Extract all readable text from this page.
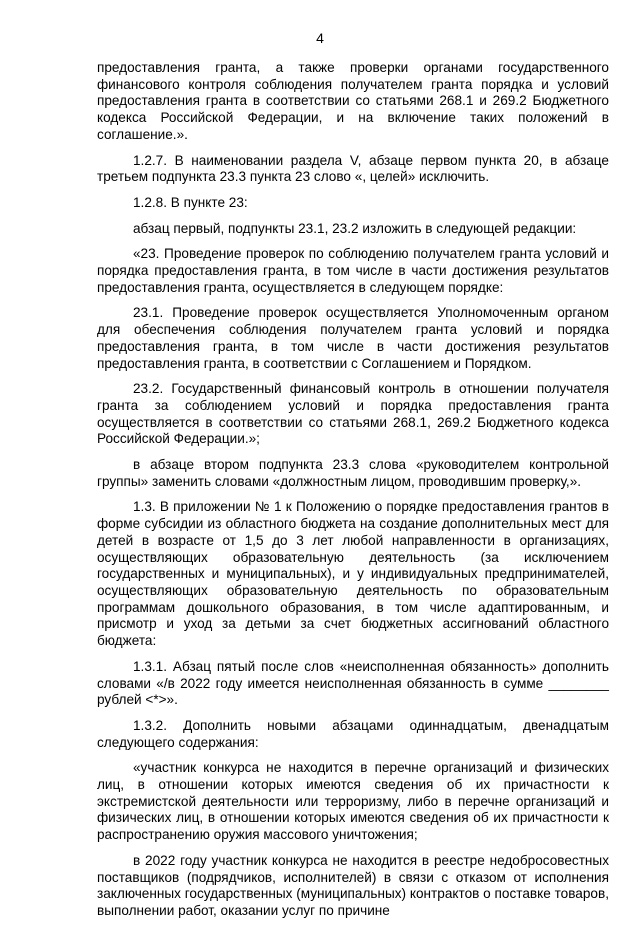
4

предоставления гранта, а также проверки органами государственного финансового контроля соблюдения получателем гранта порядка и условий предоставления гранта в соответствии со статьями 268.1 и 269.2 Бюджетного кодекса Российской Федерации, и на включение таких положений в соглашение.».

1.2.7. В наименовании раздела V, абзаце первом пункта 20, в абзаце третьем подпункта 23.3 пункта 23 слово «, целей» исключить.

1.2.8. В пункте 23:

абзац первый, подпункты 23.1, 23.2 изложить в следующей редакции:

«23. Проведение проверок по соблюдению получателем гранта условий и порядка предоставления гранта, в том числе в части достижения результатов предоставления гранта, осуществляется в следующем порядке:

23.1. Проведение проверок осуществляется Уполномоченным органом для обеспечения соблюдения получателем гранта условий и порядка предоставления гранта, в том числе в части достижения результатов предоставления гранта, в соответствии с Соглашением и Порядком.

23.2. Государственный финансовый контроль в отношении получателя гранта за соблюдением условий и порядка предоставления гранта осуществляется в соответствии со статьями 268.1, 269.2 Бюджетного кодекса Российской Федерации.»;

в абзаце втором подпункта 23.3 слова «руководителем контрольной группы» заменить словами «должностным лицом, проводившим проверку,».

1.3. В приложении № 1 к Положению о порядке предоставления грантов в форме субсидии из областного бюджета на создание дополнительных мест для детей в возрасте от 1,5 до 3 лет любой направленности в организациях, осуществляющих образовательную деятельность (за исключением государственных и муниципальных), и у индивидуальных предпринимателей, осуществляющих образовательную деятельность по образовательным программам дошкольного образования, в том числе адаптированным, и присмотр и уход за детьми за счет бюджетных ассигнований областного бюджета:

1.3.1. Абзац пятый после слов «неисполненная обязанность» дополнить словами «/в 2022 году имеется неисполненная обязанность в сумме ________ рублей <*>».

1.3.2. Дополнить новыми абзацами одиннадцатым, двенадцатым следующего содержания:

«участник конкурса не находится в перечне организаций и физических лиц, в отношении которых имеются сведения об их причастности к экстремистской деятельности или терроризму, либо в перечне организаций и физических лиц, в отношении которых имеются сведения об их причастности к распространению оружия массового уничтожения;

в 2022 году участник конкурса не находится в реестре недобросовестных поставщиков (подрядчиков, исполнителей) в связи с отказом от исполнения заключенных государственных (муниципальных) контрактов о поставке товаров, выполнении работ, оказании услуг по причине
